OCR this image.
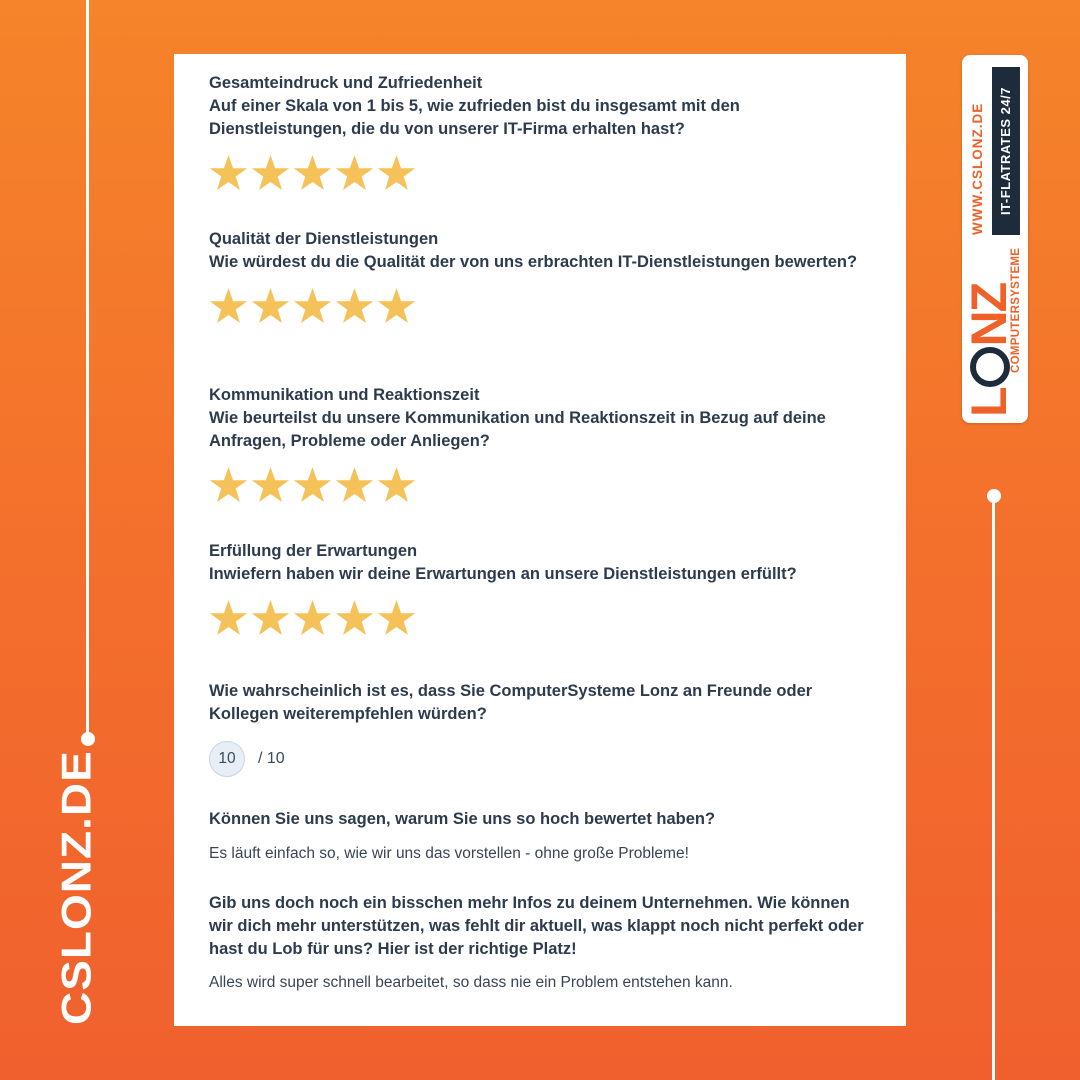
CSLONZ.DE
LNZ
COMPUTERSYSTEME
WWW.CSLONZ.DE	IT-FLATRATES 24/7

Gesamteindruck und Zufriedenheit

Auf einer Skala von 1 bis 5, wie zufrieden bist du insgesamt mit den Dienstleistungen, die du von unserer IT-Firma erhalten hast?

Qualität der Dienstleistungen

Wie würdest du die Qualität der von uns erbrachten IT-Dienstleistungen bewerten?

Kommunikation und Reaktionszeit

Wie beurteilst du unsere Kommunikation und Reaktionszeit in Bezug auf deine Anfragen, Probleme oder Anliegen?

Erfüllung der Erwartungen

Inwiefern haben wir deine Erwartungen an unsere Dienstleistungen erfüllt?

Wie wahrscheinlich ist es, dass Sie ComputerSysteme Lonz an Freunde oder Kollegen weiterempfehlen würden?

10	/ 10

Können Sie uns sagen, warum Sie uns so hoch bewertet haben?

Es läuft einfach so, wie wir uns das vorstellen - ohne große Probleme!

Gib uns doch noch ein bisschen mehr Infos zu deinem Unternehmen. Wie können wir dich mehr unterstützen, was fehlt dir aktuell, was klappt noch nicht perfekt oder hast du Lob für uns? Hier ist der richtige Platz!

Alles wird super schnell bearbeitet, so dass nie ein Problem entstehen kann.
